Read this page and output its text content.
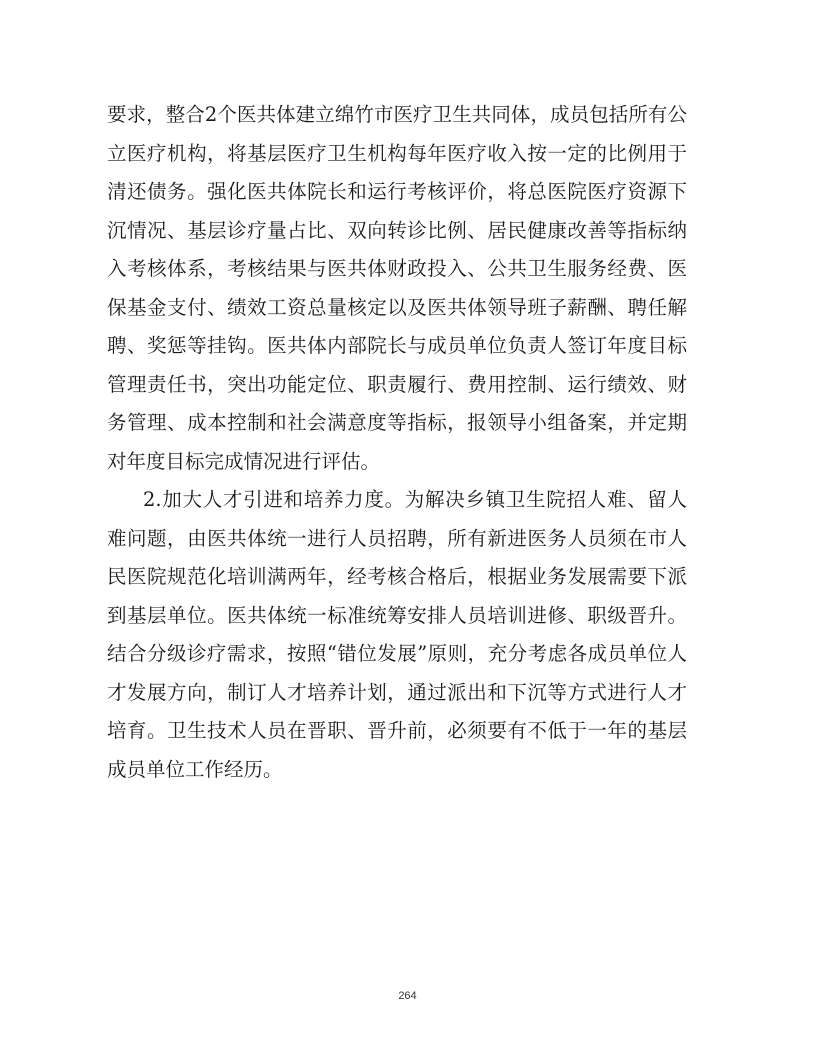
要求，整合2个医共体建立绵竹市医疗卫生共同体，成员包括所有公立医疗机构，将基层医疗卫生机构每年医疗收入按一定的比例用于清还债务。强化医共体院长和运行考核评价，将总医院医疗资源下沉情况、基层诊疗量占比、双向转诊比例、居民健康改善等指标纳入考核体系，考核结果与医共体财政投入、公共卫生服务经费、医保基金支付、绩效工资总量核定以及医共体领导班子薪酬、聘任解聘、奖惩等挂钩。医共体内部院长与成员单位负责人签订年度目标管理责任书，突出功能定位、职责履行、费用控制、运行绩效、财务管理、成本控制和社会满意度等指标，报领导小组备案，并定期对年度目标完成情况进行评估。

2.加大人才引进和培养力度。为解决乡镇卫生院招人难、留人难问题，由医共体统一进行人员招聘，所有新进医务人员须在市人民医院规范化培训满两年，经考核合格后，根据业务发展需要下派到基层单位。医共体统一标准统筹安排人员培训进修、职级晋升。结合分级诊疗需求，按照“错位发展”原则，充分考虑各成员单位人才发展方向，制订人才培养计划，通过派出和下沉等方式进行人才培育。卫生技术人员在晋职、晋升前，必须要有不低于一年的基层成员单位工作经历。

264
